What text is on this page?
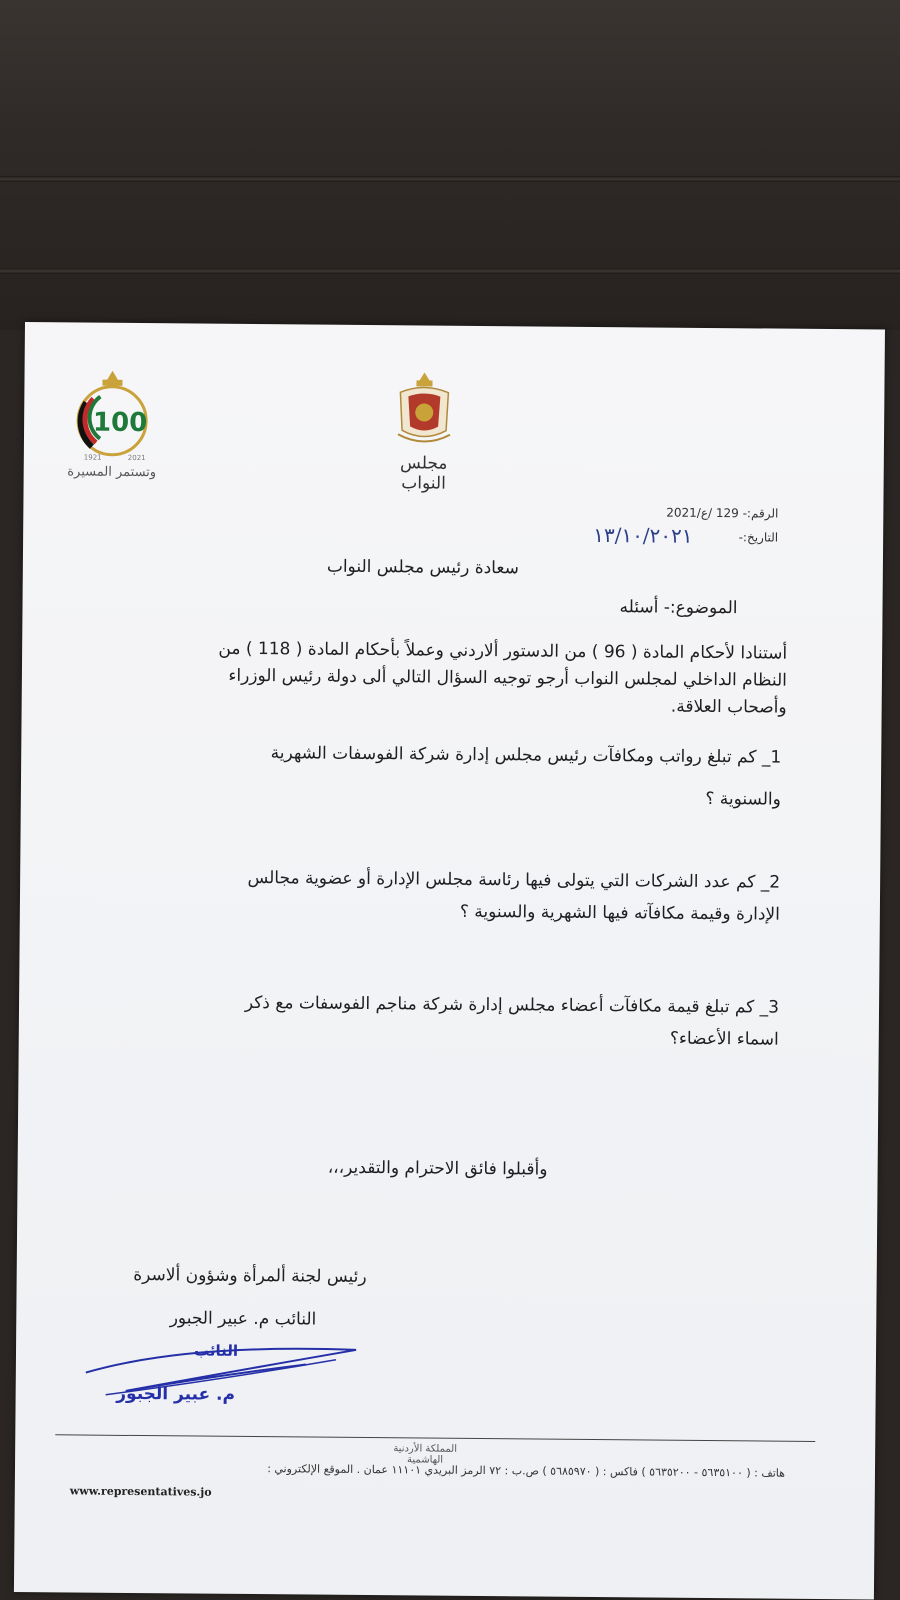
100
1921	2021
وتستمر المسيرة	مجلس النواب
الرقم:- 129 /ع/2021
التاريخ:-
١٣/١٠/٢٠٢١
سعادة رئيس مجلس النواب
الموضوع:- أسئله
أستنادا لأحكام المادة ( 96 ) من الدستور ألاردني وعملاً بأحكام المادة ( 118 ) من
النظام الداخلي لمجلس النواب أرجو توجيه السؤال التالي ألى دولة رئيس الوزراء
وأصحاب العلاقة.
1_ كم تبلغ رواتب ومكافآت رئيس مجلس إدارة شركة الفوسفات الشهرية
والسنوية ؟
2_ كم عدد الشركات التي يتولى فيها رئاسة مجلس الإدارة أو عضوية مجالس
الإدارة وقيمة مكافآته فيها الشهرية والسنوية ؟
3_ كم تبلغ قيمة مكافآت أعضاء مجلس إدارة شركة مناجم الفوسفات مع ذكر
اسماء الأعضاء؟
وأقبلوا فائق الاحترام والتقدير،،،
رئيس لجنة ألمرأة وشؤون ألاسرة
النائب م. عبير الجبور
النائب
م. عبير الجبور
المملكة الأردنية الهاشمية
هاتف : ( ٥٦٣٥١٠٠ - ٥٦٣٥٢٠٠ ) فاكس : ( ٥٦٨٥٩٧٠ ) ص.ب : ٧٢ الرمز البريدي ١١١٠١ عمان . الموقع الإلكتروني :
www.representatives.jo
